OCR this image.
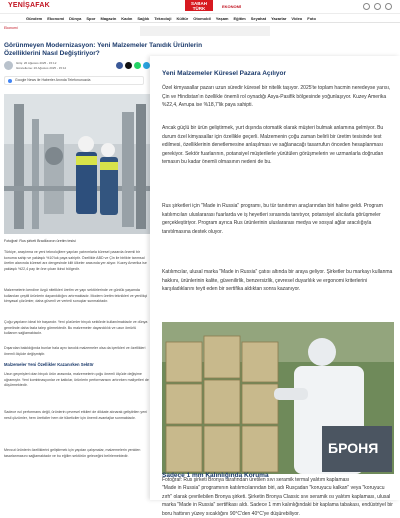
YENİŞAFAK	SABAH TÜRK	EKONOMİ
Gündem Ekonomi Dünya Spor Magazin Kadın Sağlık Teknoloji Kültür Otomobil Yaşam Eğitim Seyahat Yazarlar Video Foto
Ekonomi
Görünmeyen Modernizasyon: Yeni Malzemeler Tanıdık Ürünlerin Özelliklerini Nasıl Değiştiriyor?
Giriş: 26 Ağustos 2025 - 15:12
Güncelleme: 26 Ağustos 2025 - 15:12
Google News ile Haberler Anında Telefonunuzda
Fotoğraf: Rus şirketi Bradiİzoron üretim tesisi
Türkiye, araştırma ve yeni teknolojilere yapılan yatırımlarla küresel pazarda önemli bir konuma sahip ve yaklaşık %10'luk paya sahiptir. Özellikle ABD ve Çin ile birlikte tarımsal üretim alanında küresel arz dengesinde kilit ülkeler arasında yer alıyor. Kuzey Amerika ise yaklaşık %22,4 pay ile öne çıkan ikinci bölgedir.
Malzemelerin kendine özgü nitelikleri üretim ve yapı sektörlerinde ve günlük yaşamda kullanılan çeşitli ürünlerin dayanıklılığını artırmaktadır. Modern üretim teknikleri ve yenilikçi kimyasal çözümler, daha güvenli ve verimli sonuçlar sunmaktadır.
Çoğu yapıların ideal bir başarıdır. Yeni çözümler birçok sektörde kullanılmaktadır ve dünya genelinde daha fazla talep görmektedir. Bu malzemeler dayanıklılık ve uzun ömürlü kullanım sağlamaktadır.
Dışarıdan bakıldığında bunlar hala aynı tanıdık malzemeler olsa da içerikleri ve özellikleri önemli ölçüde değişmiştir.
Malzemeler Yeni Özellikler Kazanırken Sektör
Uzun geçmişleri olan birçok ürün arasında, malzemelerin çoğu önemli ölçüde değişime uğramıştır. Yeni kombinasyonlar ve katkılar, ürünlerin performansını artırırken maliyetleri de düşürmektedir.
Sadece ısıl performans değil, ürünlerin çevresel etkileri de dikkate alınarak geliştirilen yeni nesil çözümler, hem üreticiler hem de tüketiciler için önemli avantajlar sunmaktadır.
Mevcut ürünlerin özelliklerini geliştirmek için yapılan çalışmalar, malzemelerin yeniden tasarlanmasını sağlamaktadır ve bu eğilim sektörün geleceğini belirlemektedir.
Yeni Malzemeler Küresel Pazara Açılıyor
Özel kimyasallar pazarı uzun süredir küresel bir nitelik taşıyor. 2025'te toplam hacmin neredeyse yarısı, Çin ve Hindistan'ın özellikle önemli rol oynadığı Asya-Pasifik bölgesinde yoğunlaşıyor. Kuzey Amerika %22,4, Avrupa ise %18,7'lik paya sahipti.
Ancak güçlü bir ürün geliştirmek, yurt dışında otomatik olarak müşteri bulmak anlamına gelmiyor. Bu durum özel kimyasallar için özellikle geçerli. Malzemenin çoğu zaman belirli bir üretim tesisinde test edilmesi, özelliklerinin denetlemesine anlaşılması ve sağlanacağı tasarrufun önceden hesaplanması gerekiyor. Sektör fuarlarının, potansiyel müşterilerle yürütülen görüşmelerin ve uzmanlarla doğrudan temasın bu kadar önemli olmasının nedeni de bu.
Rus şirketleri için "Made in Russia" programı, bu tür tanıtımın araçlarından biri haline geldi. Program katılımcıları uluslararası fuarlarda ve iş heyetleri sırasında tanıtıyor, potansiyel alıcılarla görüşmeler gerçekleştiriyor. Program ayrıca Rus ürünlerinin uluslararası medya ve sosyal ağlar aracılığıyla tanıtılmasına destek oluyor.
Katılımcılar, ulusal marka "Made in Russia" çatısı altında bir araya geliyor. Şirketler bu markayı kullanma hakkını, ürünlerinin kalite, güvenilirlik, benzersizlik, çevresel duyarlılık ve ergonomi kriterlerini karşıladıklarını teyit eden bir sertifika aldıktan sonra kazanıyor.
БРОНЯ
Fotoğraf: Rus şirketi Bronya tarafından üretilen sıvı seramik termal yalıtım kaplaması
Sadece 1 mm Kalınlığında Koruma
"Made in Russia" programının katılımcılarından biri, adı Rusçadan "koruyucu kalkan" veya "koruyucu zırh" olarak çevrilebilen Bronya şirketi. Şirketin Bronya Classic sıvı seramik ısı yalıtım kaplaması, ulusal marka "Made in Russia" sertifikası aldı. Sadece 1 mm kalınlığındaki bir kaplama tabakası, endüstriyel bir boru hattının yüzey sıcaklığını 90°C'den 40°C'ye düşürebiliyor.
